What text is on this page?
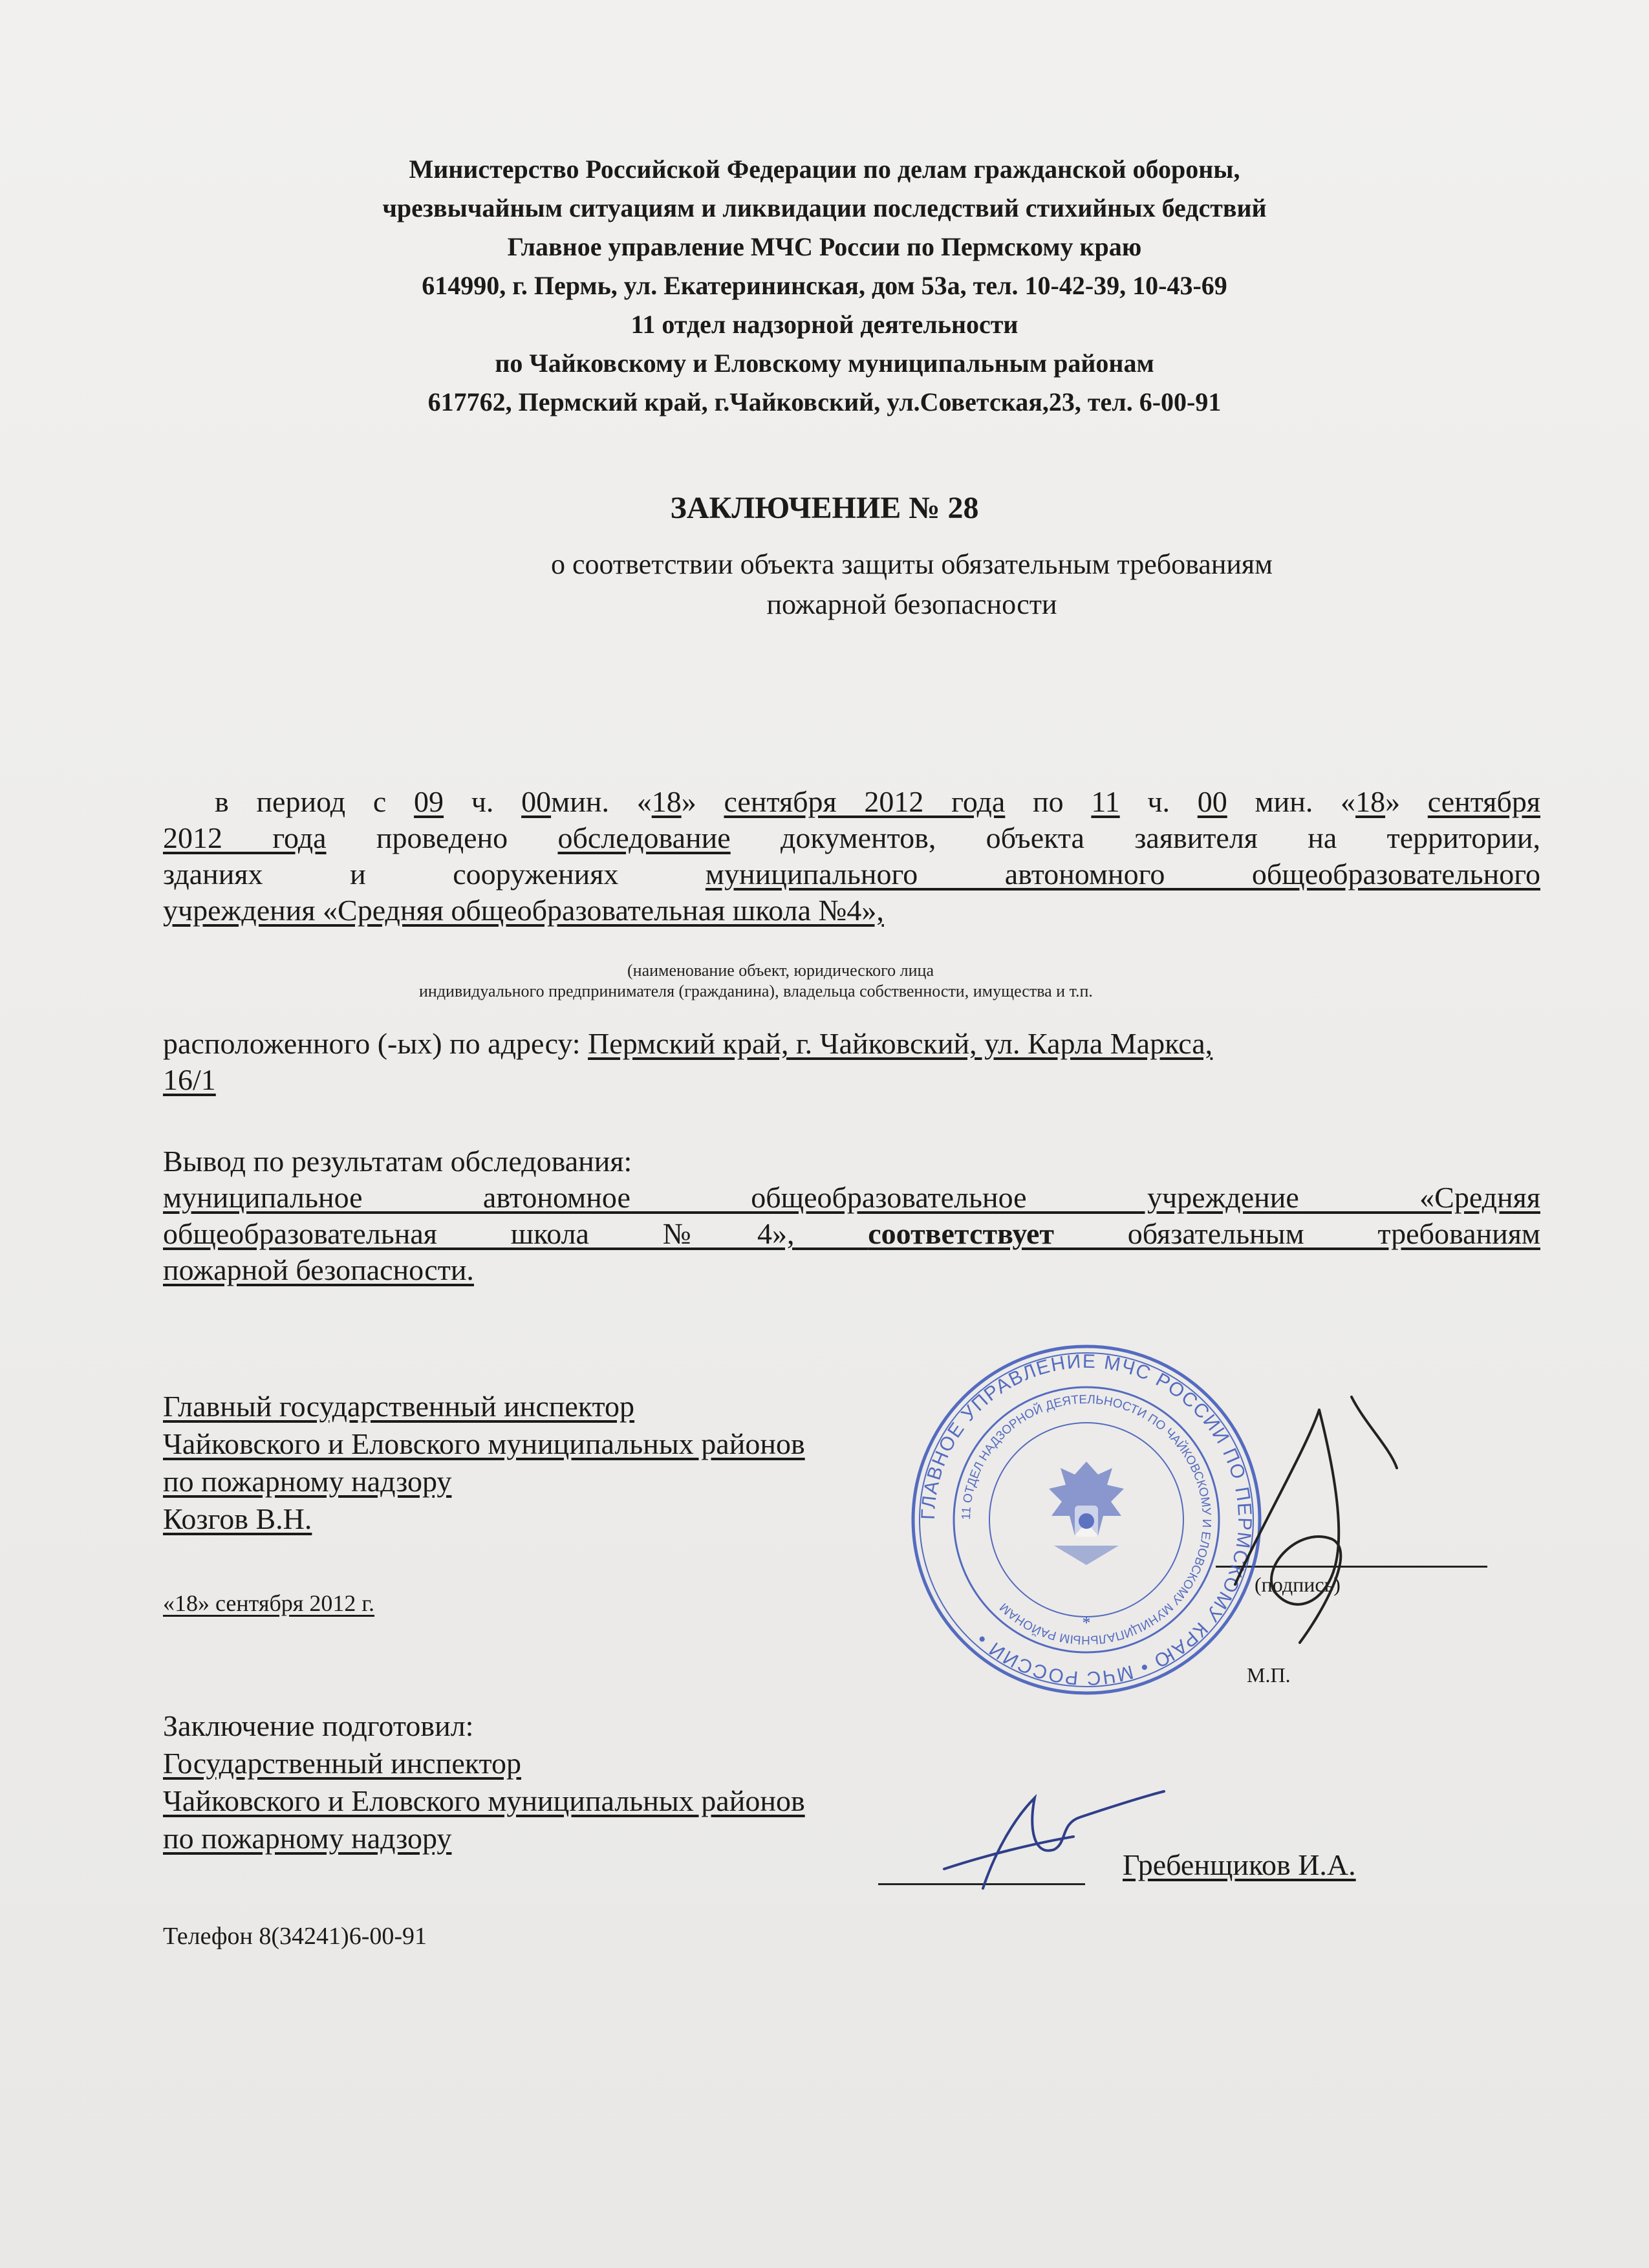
Министерство Российской Федерации по делам гражданской обороны,
чрезвычайным ситуациям и ликвидации последствий стихийных бедствий
Главное управление МЧС России по Пермскому краю
614990, г. Пермь, ул. Екатерининская, дом 53а, тел. 10-42-39, 10-43-69
11 отдел надзорной деятельности
по Чайковскому и Еловскому муниципальным районам
617762, Пермский край, г.Чайковский, ул.Советская,23, тел. 6-00-91
ЗАКЛЮЧЕНИЕ № 28
о соответствии объекта защиты обязательным требованиям
пожарной безопасности
в период с 09 ч. 00мин. «18» сентября 2012 года по 11 ч. 00 мин. «18» сентября
2012 года проведено обследование документов, объекта заявителя на территории,
зданиях и сооружениях муниципального автономного общеобразовательного
учреждения «Средняя общеобразовательная школа №4»,
(наименование объект, юридического лица
индивидуального предпринимателя (гражданина), владельца собственности, имущества и т.п.
расположенного (-ых) по адресу: Пермский край, г. Чайковский, ул. Карла Маркса,
16/1
Вывод по результатам обследования:
муниципальное автономное общеобразовательное учреждение «Средняя
общеобразовательная школа №4», соответствует обязательным требованиям
пожарной безопасности.
Главный государственный инспектор
Чайковского и Еловского муниципальных районов
по пожарному надзору
Козгов В.Н.
«18» сентября 2012 г.
(подпись)
М.П.
ГЛАВНОЕ УПРАВЛЕНИЕ МЧС РОССИИ ПО ПЕРМСКОМУ КРАЮ • МЧС РОССИИ •
11 ОТДЕЛ НАДЗОРНОЙ ДЕЯТЕЛЬНОСТИ ПО ЧАЙКОВСКОМУ И ЕЛОВСКОМУ МУНИЦИПАЛЬНЫМ РАЙОНАМ
*
Заключение подготовил:
Государственный инспектор
Чайковского и Еловского муниципальных районов
по пожарному надзору
Гребенщиков И.А.
Телефон 8(34241)6-00-91
